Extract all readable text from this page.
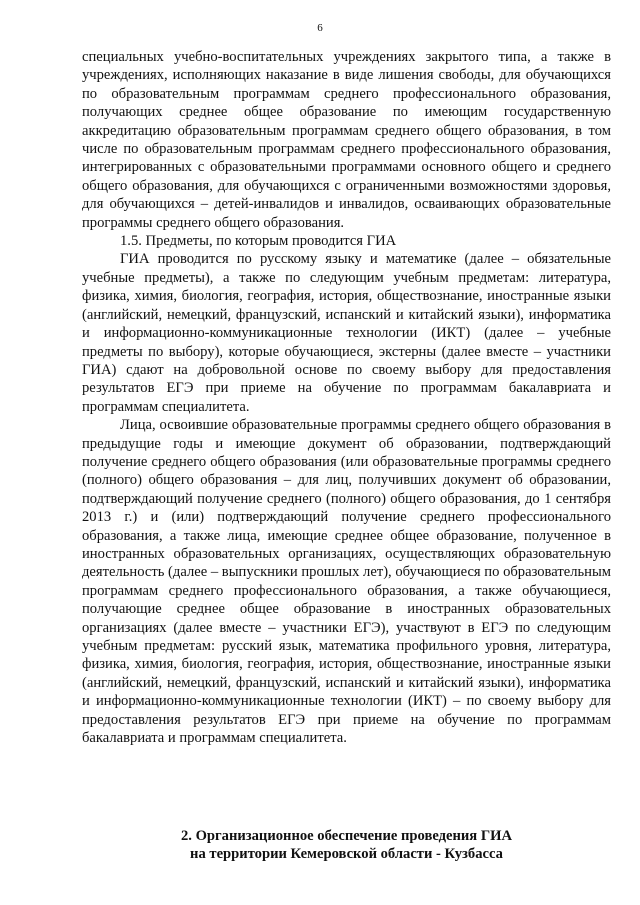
6

специальных учебно-воспитательных учреждениях закрытого типа, а также в учреждениях, исполняющих наказание в виде лишения свободы, для обучающихся по образовательным программам среднего профессионального образования, получающих среднее общее образование по имеющим государственную аккредитацию образовательным программам среднего общего образования, в том числе по образовательным программам среднего профессионального образования, интегрированных с образовательными программами основного общего и среднего общего образования, для обучающихся с ограниченными возможностями здоровья, для обучающихся – детей-инвалидов и инвалидов, осваивающих образовательные программы среднего общего образования.

1.5. Предметы, по которым проводится ГИА

ГИА проводится по русскому языку и математике (далее – обязательные учебные предметы), а также по следующим учебным предметам: литература, физика, химия, биология, география, история, обществознание, иностранные языки (английский, немецкий, французский, испанский и китайский языки), информатика и информационно-коммуникационные технологии (ИКТ) (далее – учебные предметы по выбору), которые обучающиеся, экстерны (далее вместе – участники ГИА) сдают на добровольной основе по своему выбору для предоставления результатов ЕГЭ при приеме на обучение по программам бакалавриата и программам специалитета.

Лица, освоившие образовательные программы среднего общего образования в предыдущие годы и имеющие документ об образовании, подтверждающий получение среднего общего образования (или образовательные программы среднего (полного) общего образования – для лиц, получивших документ об образовании, подтверждающий получение среднего (полного) общего образования, до 1 сентября 2013 г.) и (или) подтверждающий получение среднего профессионального образования, а также лица, имеющие среднее общее образование, полученное в иностранных образовательных организациях, осуществляющих образовательную деятельность (далее – выпускники прошлых лет), обучающиеся по образовательным программам среднего профессионального образования, а также обучающиеся, получающие среднее общее образование в иностранных образовательных организациях (далее вместе – участники ЕГЭ), участвуют в ЕГЭ по следующим учебным предметам: русский язык, математика профильного уровня, литература, физика, химия, биология, география, история, обществознание, иностранные языки (английский, немецкий, французский, испанский и китайский языки), информатика и информационно-коммуникационные технологии (ИКТ) – по своему выбору для предоставления результатов ЕГЭ при приеме на обучение по программам бакалавриата и программам специалитета.

2. Организационное обеспечение проведения ГИА
на территории Кемеровской области - Кузбасса
